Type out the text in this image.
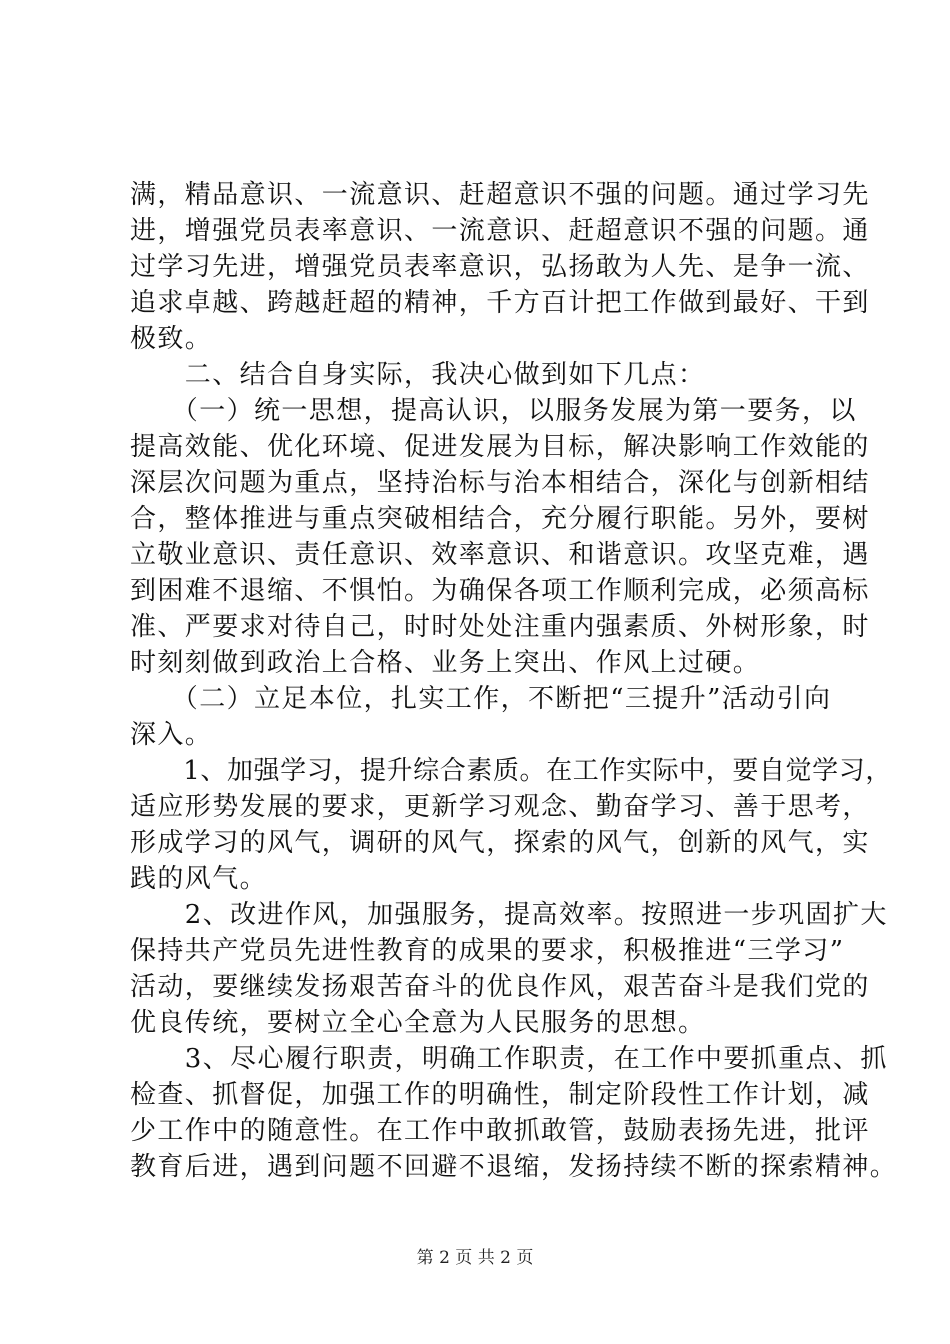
满，精品意识、一流意识、赶超意识不强的问题。通过学习先
进，增强党员表率意识、一流意识、赶超意识不强的问题。通
过学习先进，增强党员表率意识，弘扬敢为人先、是争一流、
追求卓越、跨越赶超的精神，千方百计把工作做到最好、干到
极致。
　　二、结合自身实际，我决心做到如下几点：
　　（一）统一思想，提高认识，以服务发展为第一要务，以
提高效能、优化环境、促进发展为目标，解决影响工作效能的
深层次问题为重点，坚持治标与治本相结合，深化与创新相结
合，整体推进与重点突破相结合，充分履行职能。另外，要树
立敬业意识、责任意识、效率意识、和谐意识。攻坚克难，遇
到困难不退缩、不惧怕。为确保各项工作顺利完成，必须高标
准、严要求对待自己，时时处处注重内强素质、外树形象，时
时刻刻做到政治上合格、业务上突出、作风上过硬。
　　（二）立足本位，扎实工作，不断把“三提升”活动引向
深入。
　　1、加强学习，提升综合素质。在工作实际中，要自觉学习，
适应形势发展的要求，更新学习观念、勤奋学习、善于思考，
形成学习的风气，调研的风气，探索的风气，创新的风气，实
践的风气。
　　2、改进作风，加强服务，提高效率。按照进一步巩固扩大
保持共产党员先进性教育的成果的要求，积极推进“三学习”
活动，要继续发扬艰苦奋斗的优良作风，艰苦奋斗是我们党的
优良传统，要树立全心全意为人民服务的思想。
　　3、尽心履行职责，明确工作职责，在工作中要抓重点、抓
检查、抓督促，加强工作的明确性，制定阶段性工作计划，减
少工作中的随意性。在工作中敢抓敢管，鼓励表扬先进，批评
教育后进，遇到问题不回避不退缩，发扬持续不断的探索精神。
第 2 页 共 2 页
